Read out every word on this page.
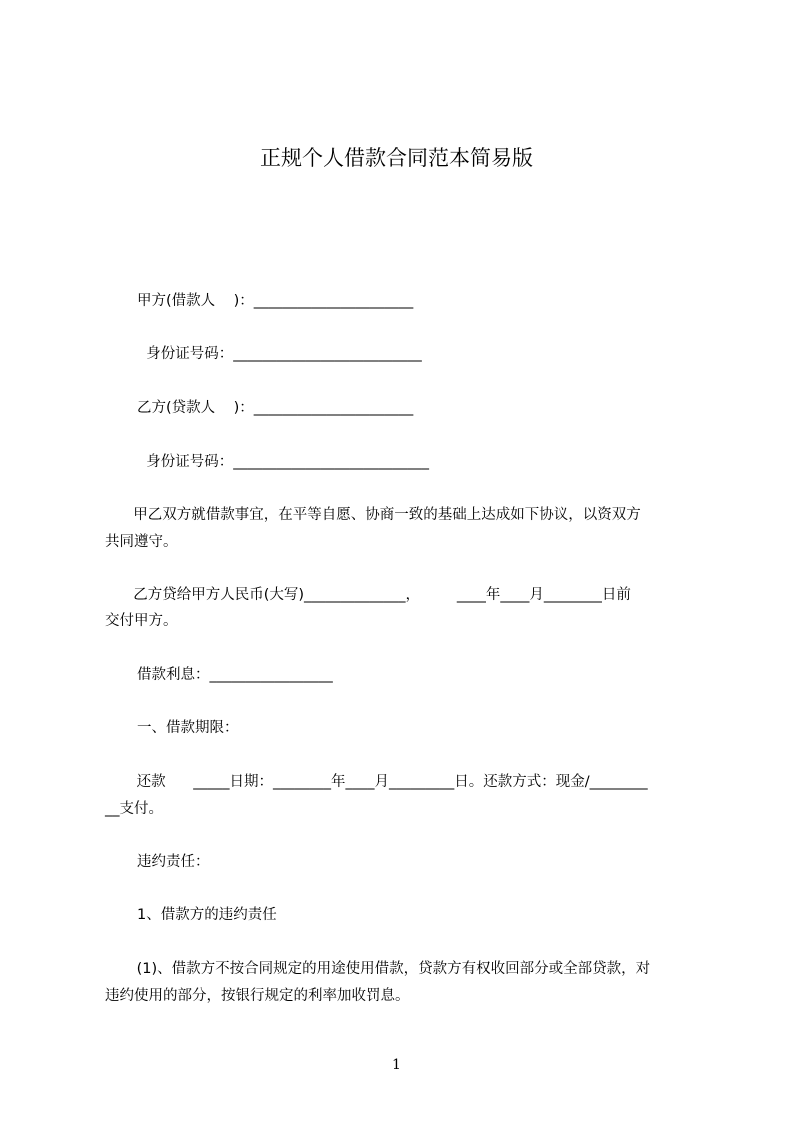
正规个人借款合同范本简易版
甲方(借款人    )：______________________
身份证号码：__________________________
乙方(贷款人    )：______________________
身份证号码：___________________________
甲乙双方就借款事宜，在平等自愿、协商一致的基础上达成如下协议，以资双方
共同遵守。
乙方贷给甲方人民币(大写)______________，        ____年____月________日前
交付甲方。
借款利息：_________________
一、借款期限：
还款      _____日期：________年____月_________日。还款方式：现金/________
__支付。
违约责任：
1、借款方的违约责任
(1)、借款方不按合同规定的用途使用借款，贷款方有权收回部分或全部贷款，对
违约使用的部分，按银行规定的利率加收罚息。
1
